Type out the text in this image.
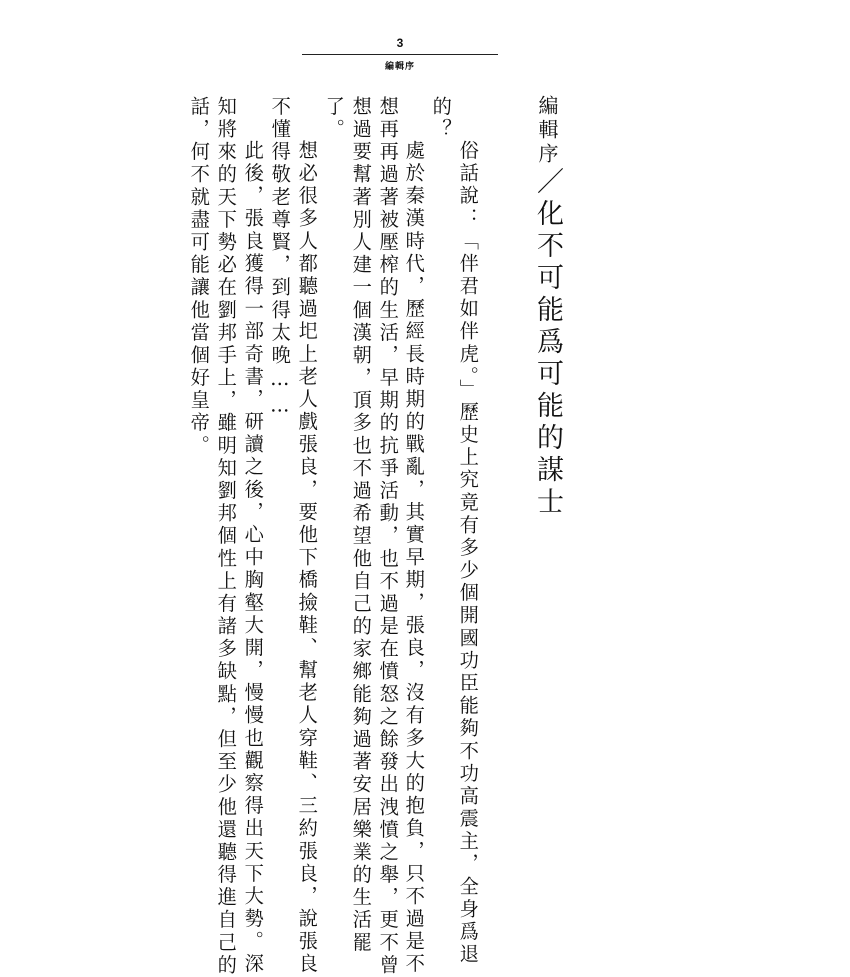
3
編輯序
編輯序／化不可能爲可能的謀士
俗話說：「伴君如伴虎。」歷史上究竟有多少個開國功臣能夠不功高震主，全身爲退
的？
處於秦漢時代，歷經長時期的戰亂，其實早期，張良，沒有多大的抱負，只不過是不
想再再過著被壓榨的生活，早期的抗爭活動，也不過是在憤怒之餘發出洩憤之舉，更不曾
想過要幫著別人建一個漢朝，頂多也不過希望他自己的家鄉能夠過著安居樂業的生活罷
了。
想必很多人都聽過圯上老人戲張良，要他下橋撿鞋、幫老人穿鞋、三約張良，說張良
不懂得敬老尊賢，到得太晚……
此後，張良獲得一部奇書，研讀之後，心中胸壑大開，慢慢也觀察得出天下大勢。深
知將來的天下勢必在劉邦手上，雖明知劉邦個性上有諸多缺點，但至少他還聽得進自己的
話，何不就盡可能讓他當個好皇帝。
